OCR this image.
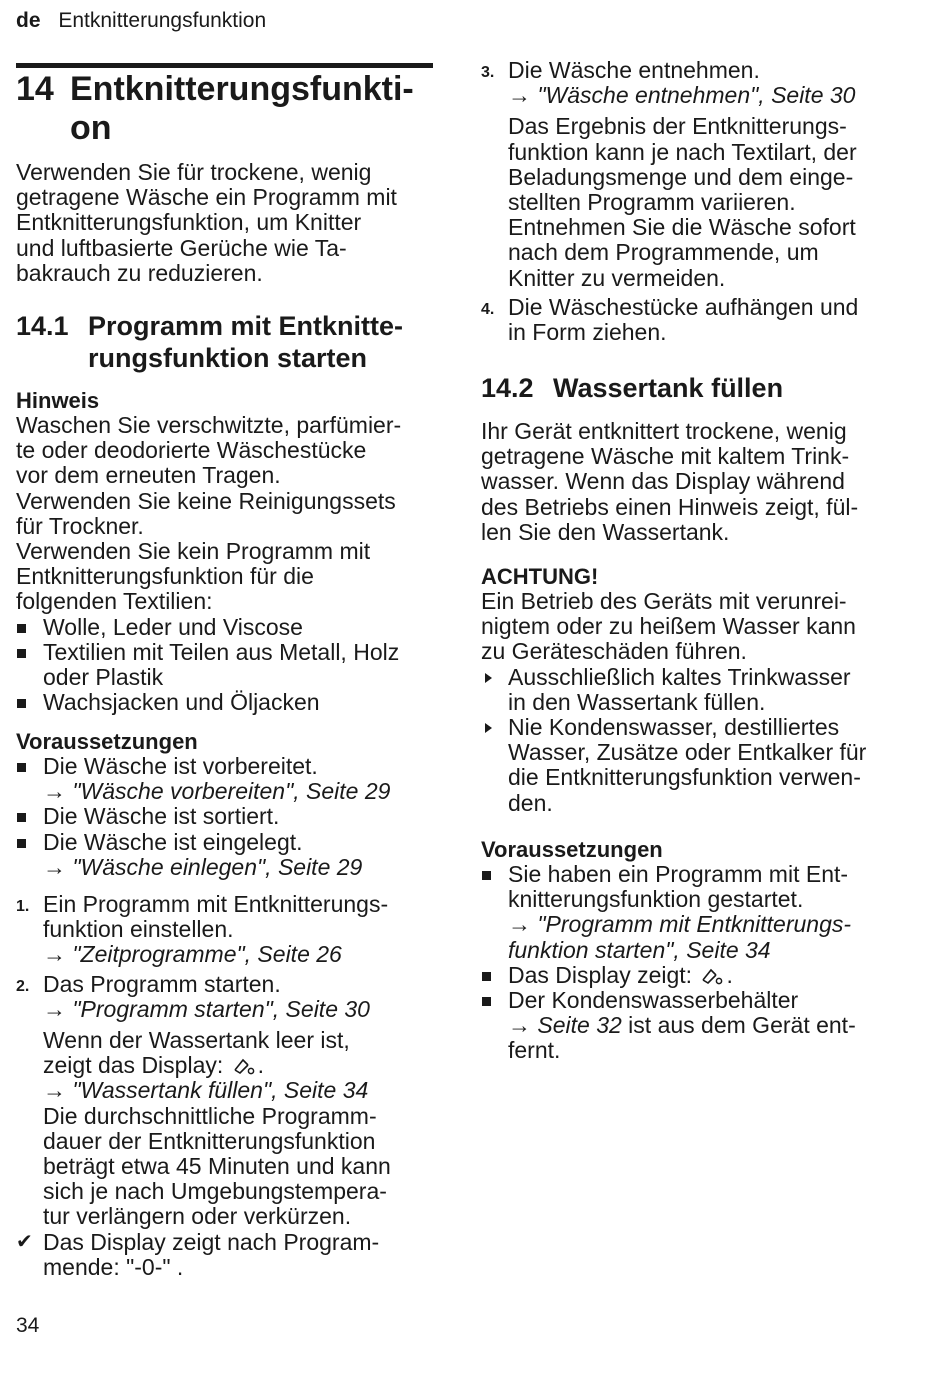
de Entknitterungsfunktion
14 Entknitterungsfunkti-
on
Verwenden Sie für trockene, wenig
getragene Wäsche ein Programm mit
Entknitterungsfunktion, um Knitter
und luftbasierte Gerüche wie Ta-
bakrauch zu reduzieren.
14.1 Programm mit Entknitte-
rungsfunktion starten
Hinweis
Waschen Sie verschwitzte, parfümier-
te oder deodorierte Wäschestücke
vor dem erneuten Tragen.
Verwenden Sie keine Reinigungssets
für Trockner.
Verwenden Sie kein Programm mit
Entknitterungsfunktion für die
folgenden Textilien:
Wolle, Leder und Viscose
Textilien mit Teilen aus Metall, Holz
oder Plastik
Wachsjacken und Öljacken
Voraussetzungen
Die Wäsche ist vorbereitet.
→ "Wäsche vorbereiten", Seite 29
Die Wäsche ist sortiert.
Die Wäsche ist eingelegt.
→ "Wäsche einlegen", Seite 29
1. Ein Programm mit Entknitterungs-
funktion einstellen.
→ "Zeitprogramme", Seite 26
2. Das Programm starten.
→ "Programm starten", Seite 30
Wenn der Wassertank leer ist,
zeigt das Display: .
→ "Wassertank füllen", Seite 34
Die durchschnittliche Programm-
dauer der Entknitterungsfunktion
beträgt etwa 45 Minuten und kann
sich je nach Umgebungstempera-
tur verlängern oder verkürzen.
✔ Das Display zeigt nach Program-
mende: "-0-" .
3. Die Wäsche entnehmen.
→ "Wäsche entnehmen", Seite 30
Das Ergebnis der Entknitterungs-
funktion kann je nach Textilart, der
Beladungsmenge und dem einge-
stellten Programm variieren.
Entnehmen Sie die Wäsche sofort
nach dem Programmende, um
Knitter zu vermeiden.
4. Die Wäschestücke aufhängen und
in Form ziehen.
14.2 Wassertank füllen
Ihr Gerät entknittert trockene, wenig
getragene Wäsche mit kaltem Trink-
wasser. Wenn das Display während
des Betriebs einen Hinweis zeigt, fül-
len Sie den Wassertank.
ACHTUNG!
Ein Betrieb des Geräts mit verunrei-
nigtem oder zu heißem Wasser kann
zu Geräteschäden führen.
Ausschließlich kaltes Trinkwasser
in den Wassertank füllen.
Nie Kondenswasser, destilliertes
Wasser, Zusätze oder Entkalker für
die Entknitterungsfunktion verwen-
den.
Voraussetzungen
Sie haben ein Programm mit Ent-
knitterungsfunktion gestartet.
→ "Programm mit Entknitterungs-
funktion starten", Seite 34
Das Display zeigt: .
Der Kondenswasserbehälter
→ Seite 32 ist aus dem Gerät ent-
fernt.
34
